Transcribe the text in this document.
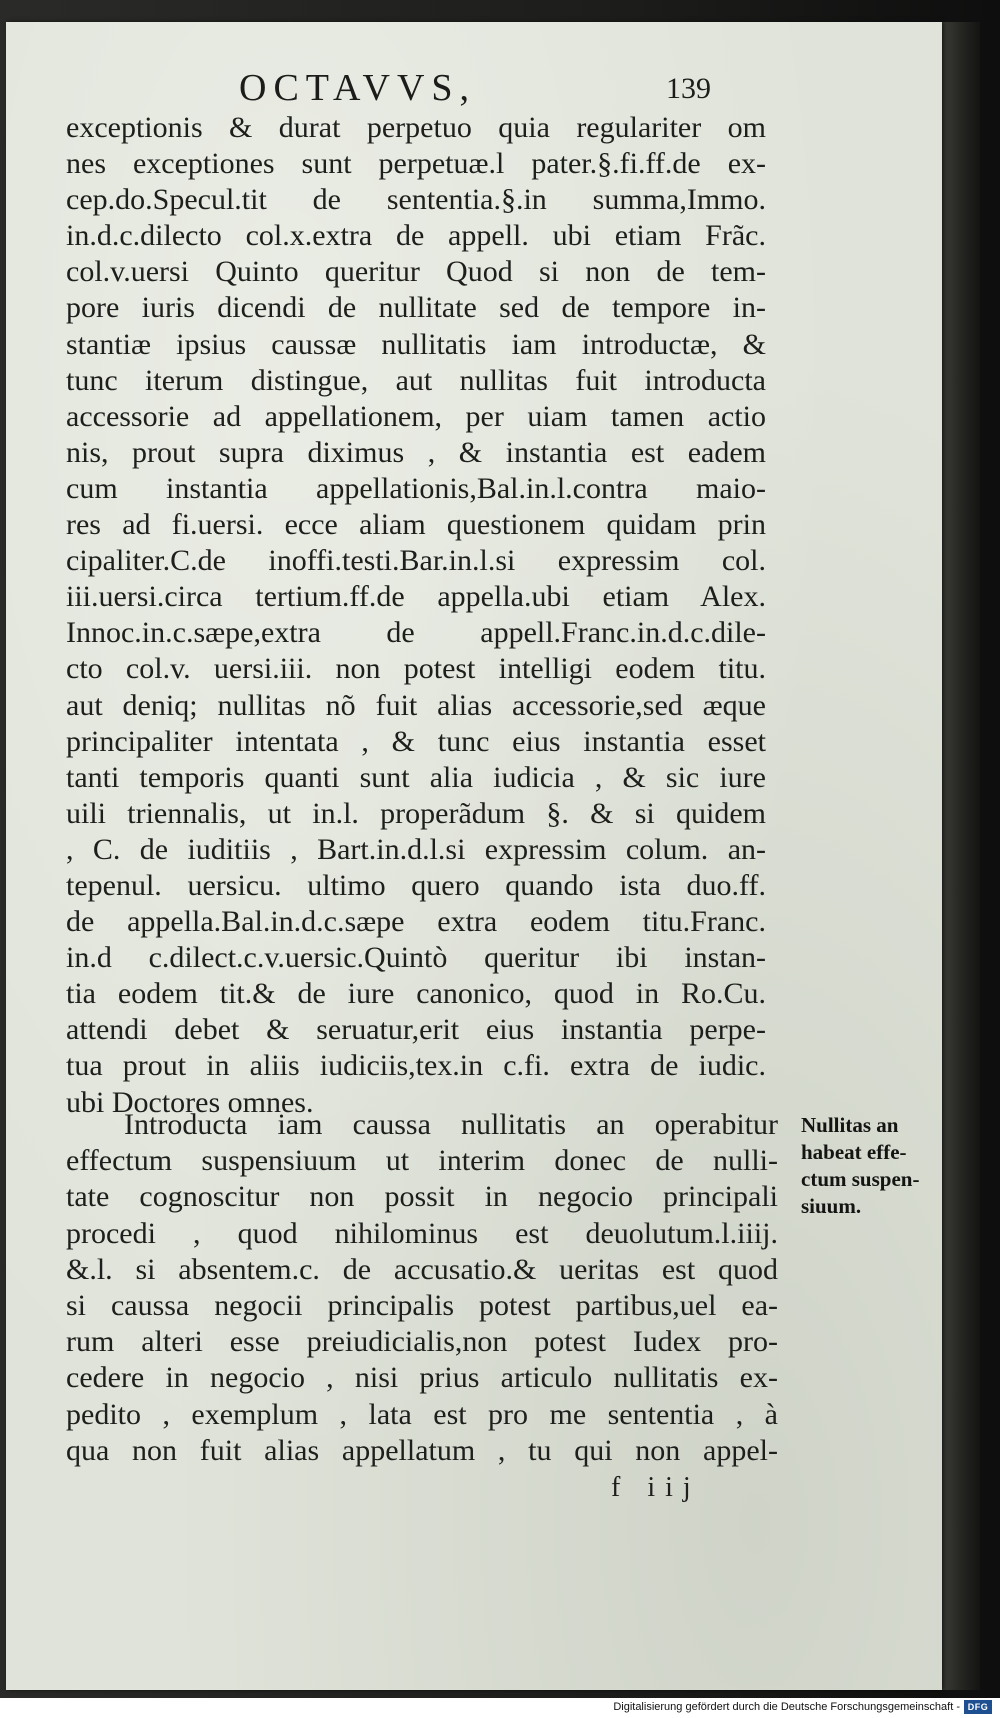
OCTAVVS,	139
exceptionis & durat perpetuo quia regulariter om
nes exceptiones sunt perpetuæ.l pater.§.fi.ff.de ex-
cep.do.Specul.tit de sententia.§.in summa,Immo.
in.d.c.dilecto col.x.extra de appell. ubi etiam Frãc.
col.v.uersi Quinto queritur Quod si non de tem-
pore iuris dicendi de nullitate sed de tempore in-
stantiæ ipsius caussæ nullitatis iam introductæ, &
tunc iterum distingue, aut nullitas fuit introducta
accessorie ad appellationem, per uiam tamen actio
nis, prout supra diximus , & instantia est eadem
cum instantia appellationis,Bal.in.l.contra maio-
res ad fi.uersi. ecce aliam questionem quidam prin
cipaliter.C.de inoffi.testi.Bar.in.l.si expressim col.
iii.uersi.circa tertium.ff.de appella.ubi etiam Alex.
Innoc.in.c.sæpe,extra de appell.Franc.in.d.c.dile-
cto col.v. uersi.iii. non potest intelligi eodem titu.
aut deniq; nullitas nõ fuit alias accessorie,sed æque
principaliter intentata , & tunc eius instantia esset
tanti temporis quanti sunt alia iudicia , & sic iure
uili triennalis, ut in.l. properãdum §. & si quidem
, C. de iuditiis , Bart.in.d.l.si expressim colum. an-
tepenul. uersicu. ultimo quero quando ista duo.ff.
de appella.Bal.in.d.c.sæpe extra eodem titu.Franc.
in.d c.dilect.c.v.uersic.Quintò queritur ibi instan-
tia eodem tit.& de iure canonico, quod in Ro.Cu.
attendi debet & seruatur,erit eius instantia perpe-
tua prout in aliis iudiciis,tex.in c.fi. extra de iudic.
ubi Doctores omnes.
Introducta iam caussa nullitatis an operabitur
effectum suspensiuum ut interim donec de nulli-
tate cognoscitur non possit in negocio principali
procedi , quod nihilominus est deuolutum.l.iiij.
&.l. si absentem.c. de accusatio.& ueritas est quod
si caussa negocii principalis potest partibus,uel ea-
rum alteri esse preiudicialis,non potest Iudex pro-
cedere in negocio , nisi prius articulo nullitatis ex-
pedito , exemplum , lata est pro me sententia , à
qua non fuit alias appellatum , tu qui non appel-
f iij
Nullitas an
habeat effe-
ctum suspen-
siuum.
Digitalisierung gefördert durch die Deutsche Forschungsgemeinschaft - DFG
